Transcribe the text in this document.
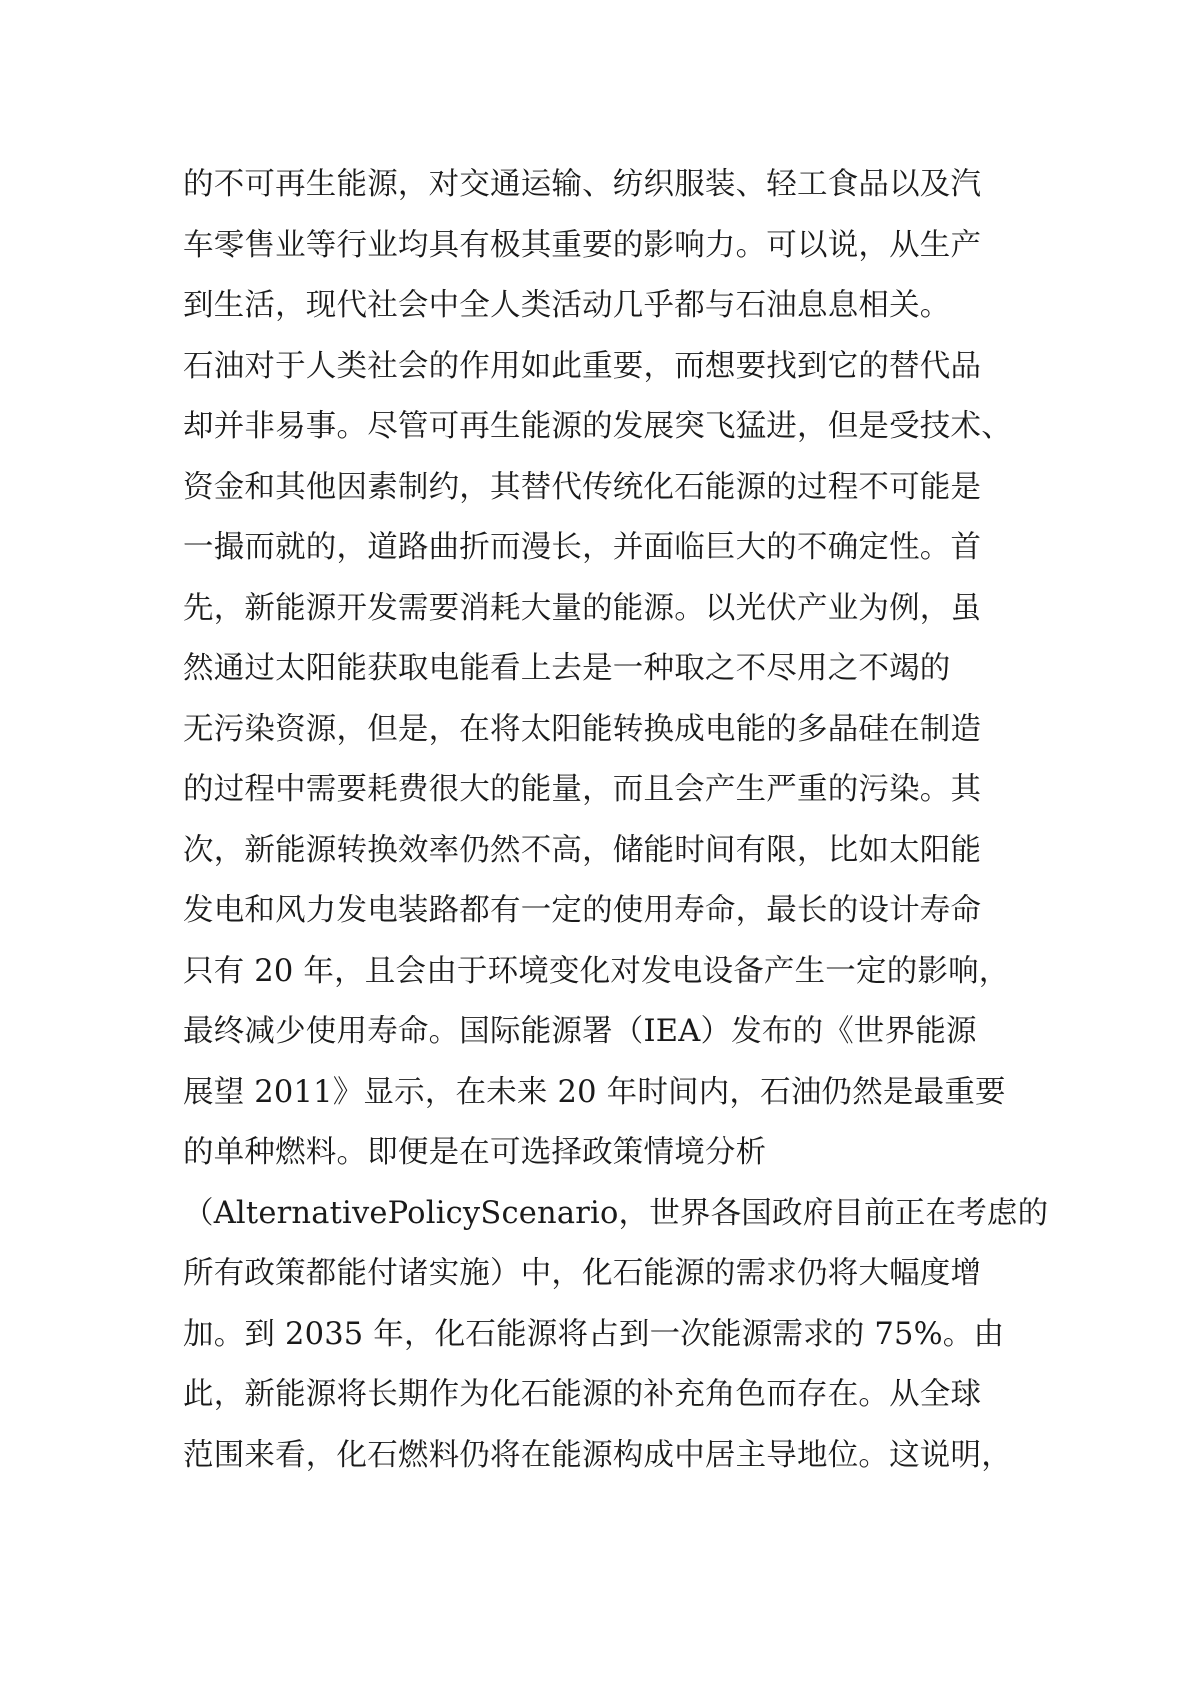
的不可再生能源，对交通运输、纺织服装、轻工食品以及汽
车零售业等行业均具有极其重要的影响力。可以说，从生产
到生活，现代社会中全人类活动几乎都与石油息息相关。
石油对于人类社会的作用如此重要，而想要找到它的替代品
却并非易事。尽管可再生能源的发展突飞猛进，但是受技术、
资金和其他因素制约，其替代传统化石能源的过程不可能是
一撮而就的，道路曲折而漫长，并面临巨大的不确定性。首
先，新能源开发需要消耗大量的能源。以光伏产业为例，虽
然通过太阳能获取电能看上去是一种取之不尽用之不竭的
无污染资源，但是，在将太阳能转换成电能的多晶硅在制造
的过程中需要耗费很大的能量，而且会产生严重的污染。其
次，新能源转换效率仍然不高，储能时间有限，比如太阳能
发电和风力发电装路都有一定的使用寿命，最长的设计寿命
只有 20 年，且会由于环境变化对发电设备产生一定的影响，
最终减少使用寿命。国际能源署（IEA）发布的《世界能源
展望 2011》显示，在未来 20 年时间内，石油仍然是最重要
的单种燃料。即便是在可选择政策情境分析
（AlternativePolicyScenario，世界各国政府目前正在考虑的
所有政策都能付诸实施）中，化石能源的需求仍将大幅度增
加。到 2035 年，化石能源将占到一次能源需求的 75%。由
此，新能源将长期作为化石能源的补充角色而存在。从全球
范围来看，化石燃料仍将在能源构成中居主导地位。这说明，
